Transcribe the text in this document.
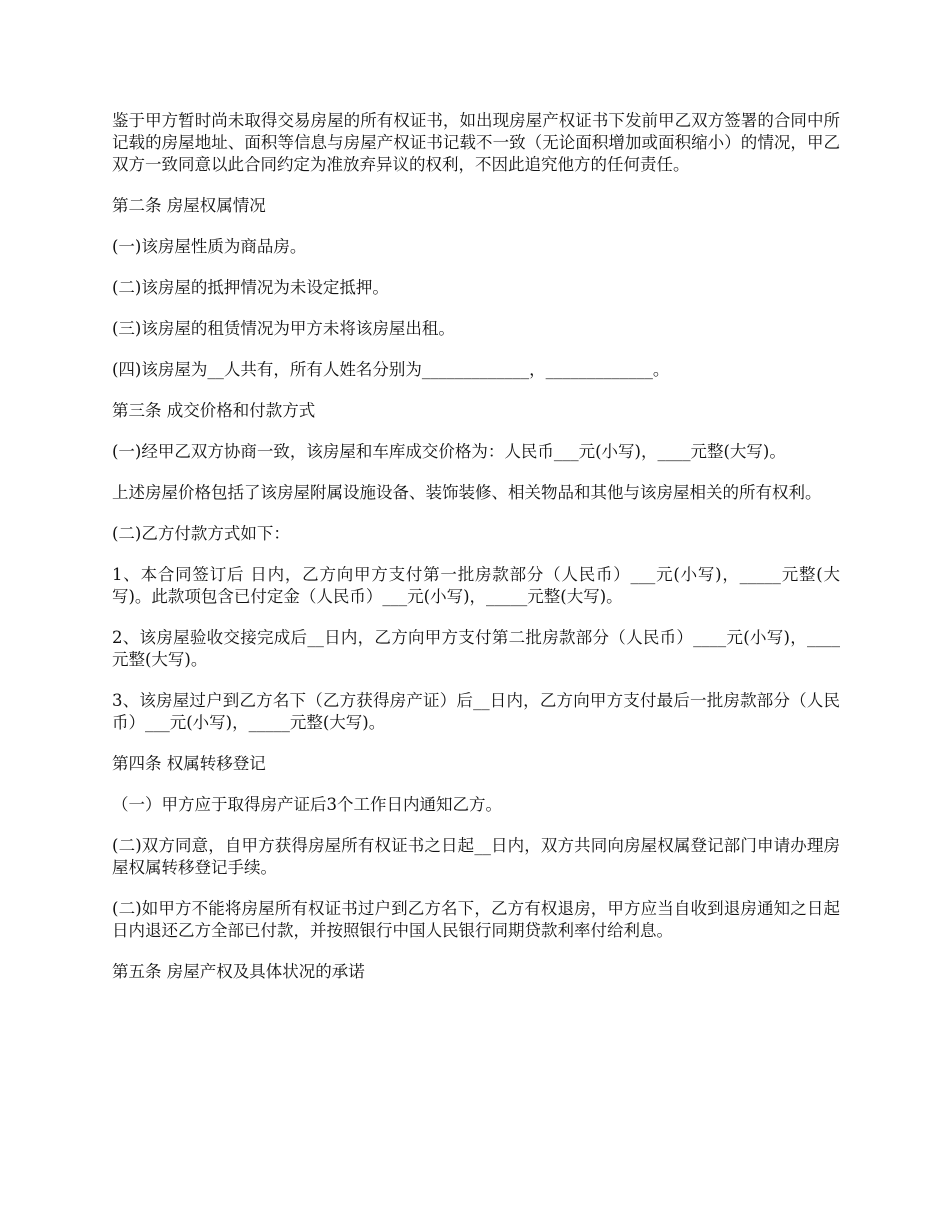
鉴于甲方暂时尚未取得交易房屋的所有权证书，如出现房屋产权证书下发前甲乙双方签署的合同中所记载的房屋地址、面积等信息与房屋产权证书记载不一致（无论面积增加或面积缩小）的情况，甲乙双方一致同意以此合同约定为准放弃异议的权利，不因此追究他方的任何责任。

第二条 房屋权属情况

(一)该房屋性质为商品房。

(二)该房屋的抵押情况为未设定抵押。

(三)该房屋的租赁情况为甲方未将该房屋出租。

(四)该房屋为__人共有，所有人姓名分别为_____________，_____________。

第三条 成交价格和付款方式

(一)经甲乙双方协商一致，该房屋和车库成交价格为：人民币___元(小写)，____元整(大写)。

上述房屋价格包括了该房屋附属设施设备、装饰装修、相关物品和其他与该房屋相关的所有权利。

(二)乙方付款方式如下：

1、本合同签订后 日内，乙方向甲方支付第一批房款部分（人民币）___元(小写)，_____元整(大写)。此款项包含已付定金（人民币）___元(小写)，_____元整(大写)。

2、该房屋验收交接完成后__日内，乙方向甲方支付第二批房款部分（人民币）____元(小写)，____元整(大写)。

3、该房屋过户到乙方名下（乙方获得房产证）后__日内，乙方向甲方支付最后一批房款部分（人民币）___元(小写)，_____元整(大写)。

第四条 权属转移登记

（一）甲方应于取得房产证后3个工作日内通知乙方。

(二)双方同意，自甲方获得房屋所有权证书之日起__日内，双方共同向房屋权属登记部门申请办理房屋权属转移登记手续。

(二)如甲方不能将房屋所有权证书过户到乙方名下，乙方有权退房，甲方应当自收到退房通知之日起 日内退还乙方全部已付款，并按照银行中国人民银行同期贷款利率付给利息。

第五条 房屋产权及具体状况的承诺
